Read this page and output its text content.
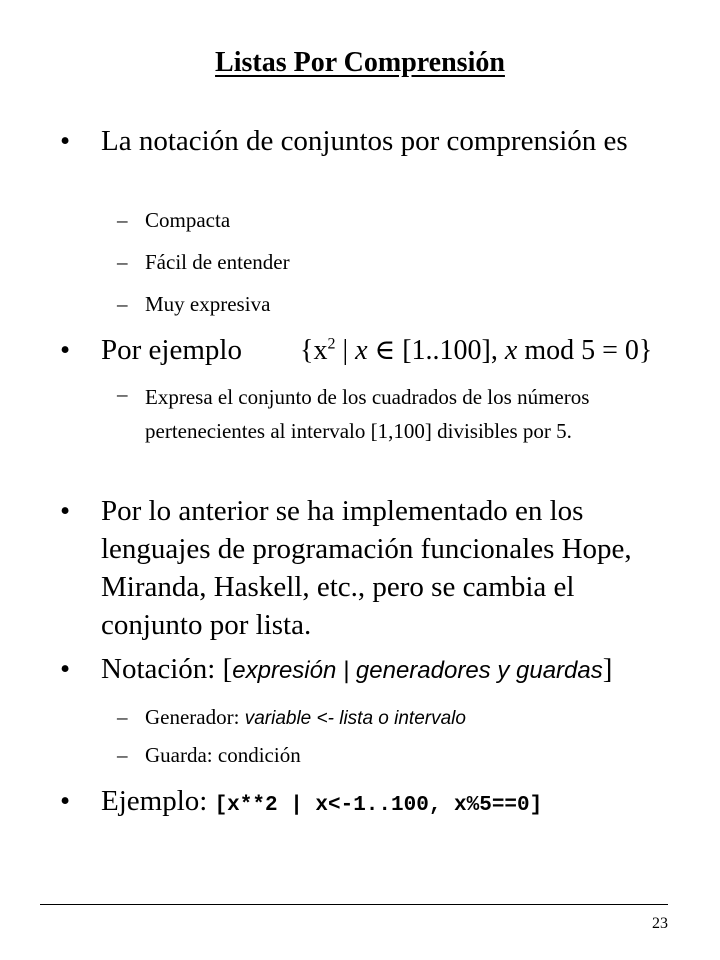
Listas Por Comprensión
• La notación de conjuntos por comprensión es
– Compacta
– Fácil de entender
– Muy expresiva
• Por ejemplo	{$x^2$ | x ∈ [1..100], x mod 5 = 0}
– Expresa el conjunto de los cuadrados de los números pertenecientes al intervalo [1,100] divisibles por 5.
• Por lo anterior se ha implementado en los lenguajes de programación funcionales Hope, Miranda, Haskell, etc., pero se cambia el conjunto por lista.
• Notación: [expresión | generadores y guardas]
– Generador: variable <- lista o intervalo
– Guarda: condición
• Ejemplo: [x**2 | x<-1..100, x%5==0]
23
